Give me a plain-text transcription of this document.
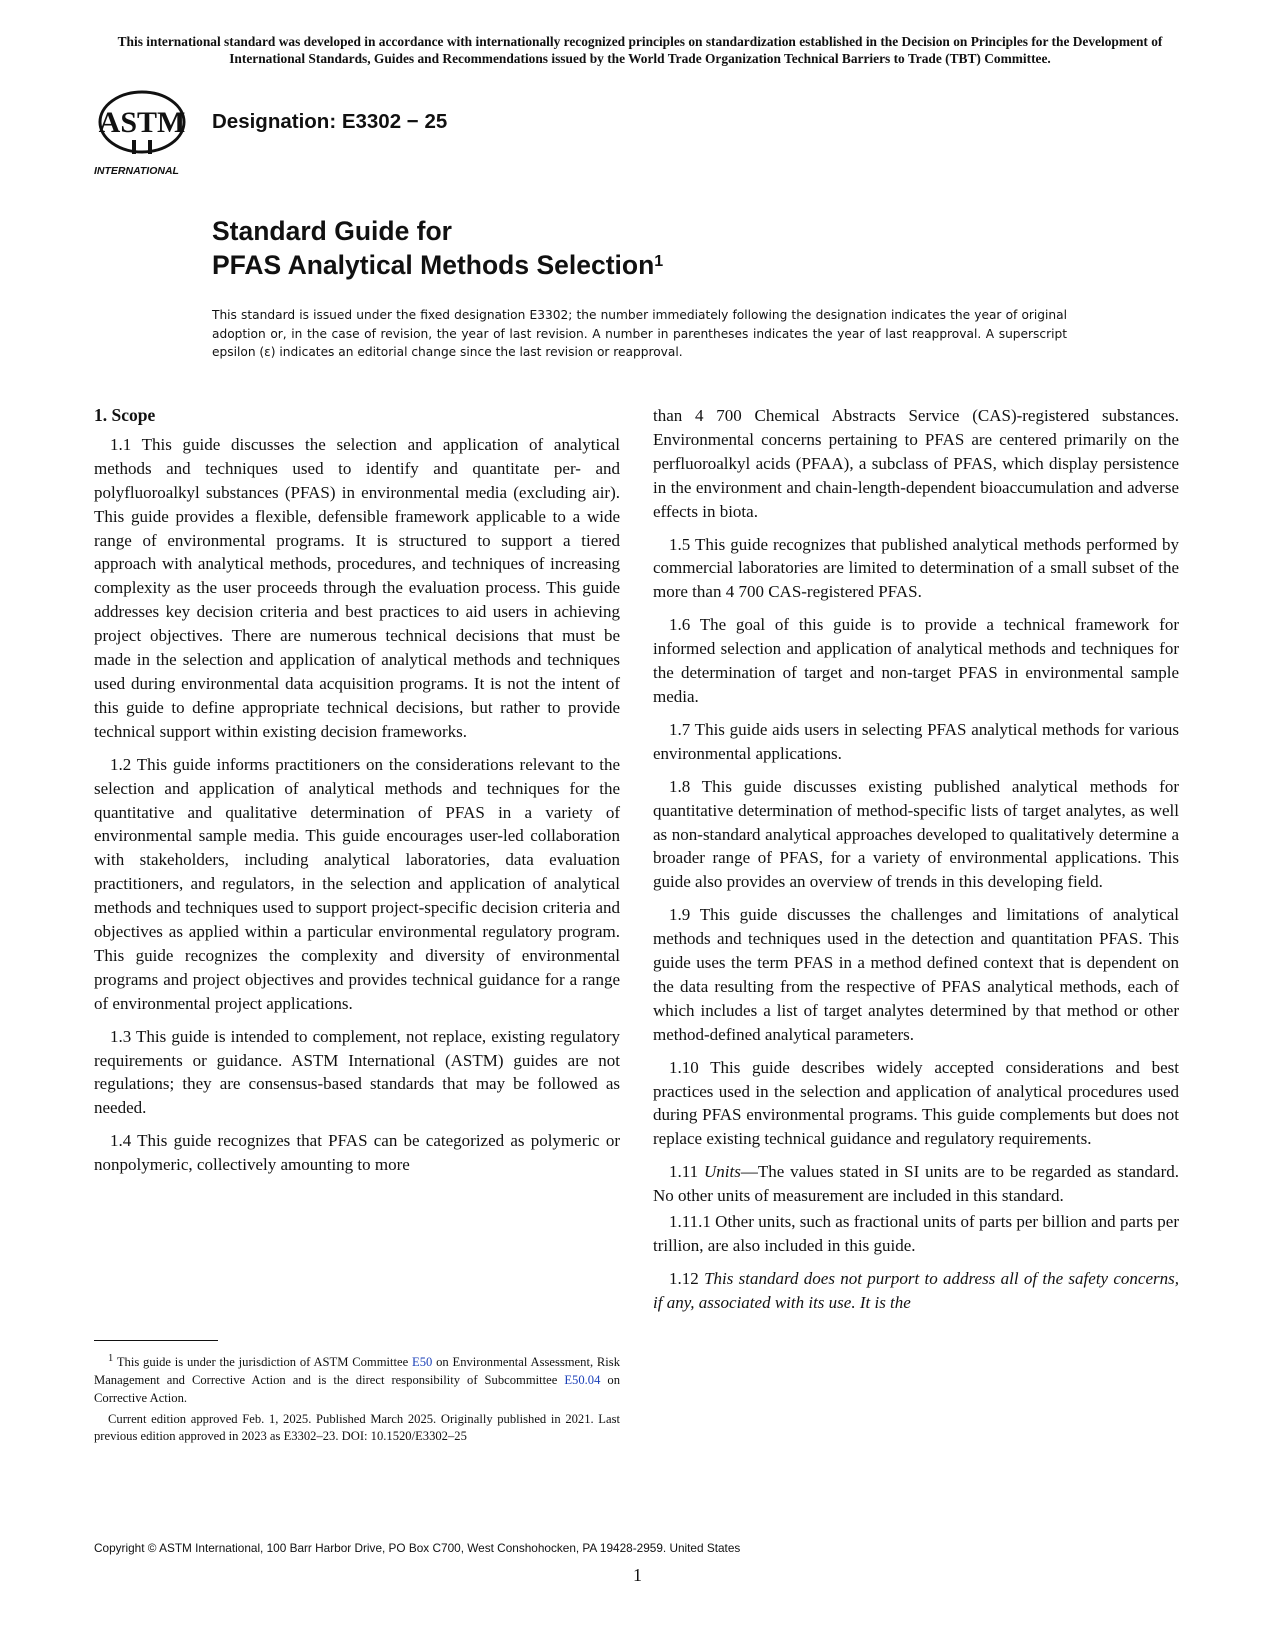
This international standard was developed in accordance with internationally recognized principles on standardization established in the Decision on Principles for the Development of International Standards, Guides and Recommendations issued by the World Trade Organization Technical Barriers to Trade (TBT) Committee.
ASTM
INTERNATIONAL
Designation: E3302 − 25
Standard Guide for
PFAS Analytical Methods Selection$^1$
This standard is issued under the fixed designation E3302; the number immediately following the designation indicates the year of original adoption or, in the case of revision, the year of last revision. A number in parentheses indicates the year of last reapproval. A superscript epsilon (ε) indicates an editorial change since the last revision or reapproval.
1. Scope

1.1 This guide discusses the selection and application of analytical methods and techniques used to identify and quantitate per- and polyfluoroalkyl substances (PFAS) in environmental media (excluding air). This guide provides a flexible, defensible framework applicable to a wide range of environmental programs. It is structured to support a tiered approach with analytical methods, procedures, and techniques of increasing complexity as the user proceeds through the evaluation process. This guide addresses key decision criteria and best practices to aid users in achieving project objectives. There are numerous technical decisions that must be made in the selection and application of analytical methods and techniques used during environmental data acquisition programs. It is not the intent of this guide to define appropriate technical decisions, but rather to provide technical support within existing decision frameworks.

1.2 This guide informs practitioners on the considerations relevant to the selection and application of analytical methods and techniques for the quantitative and qualitative determination of PFAS in a variety of environmental sample media. This guide encourages user-led collaboration with stakeholders, including analytical laboratories, data evaluation practitioners, and regulators, in the selection and application of analytical methods and techniques used to support project-specific decision criteria and objectives as applied within a particular environmental regulatory program. This guide recognizes the complexity and diversity of environmental programs and project objectives and provides technical guidance for a range of environmental project applications.

1.3 This guide is intended to complement, not replace, existing regulatory requirements or guidance. ASTM International (ASTM) guides are not regulations; they are consensus-based standards that may be followed as needed.

1.4 This guide recognizes that PFAS can be categorized as polymeric or nonpolymeric, collectively amounting to more

than 4 700 Chemical Abstracts Service (CAS)-registered substances. Environmental concerns pertaining to PFAS are centered primarily on the perfluoroalkyl acids (PFAA), a subclass of PFAS, which display persistence in the environment and chain-length-dependent bioaccumulation and adverse effects in biota.

1.5 This guide recognizes that published analytical methods performed by commercial laboratories are limited to determination of a small subset of the more than 4 700 CAS-registered PFAS.

1.6 The goal of this guide is to provide a technical framework for informed selection and application of analytical methods and techniques for the determination of target and non-target PFAS in environmental sample media.

1.7 This guide aids users in selecting PFAS analytical methods for various environmental applications.

1.8 This guide discusses existing published analytical methods for quantitative determination of method-specific lists of target analytes, as well as non-standard analytical approaches developed to qualitatively determine a broader range of PFAS, for a variety of environmental applications. This guide also provides an overview of trends in this developing field.

1.9 This guide discusses the challenges and limitations of analytical methods and techniques used in the detection and quantitation PFAS. This guide uses the term PFAS in a method defined context that is dependent on the data resulting from the respective of PFAS analytical methods, each of which includes a list of target analytes determined by that method or other method-defined analytical parameters.

1.10 This guide describes widely accepted considerations and best practices used in the selection and application of analytical procedures used during PFAS environmental programs. This guide complements but does not replace existing technical guidance and regulatory requirements.

1.11 Units—The values stated in SI units are to be regarded as standard. No other units of measurement are included in this standard.

1.11.1 Other units, such as fractional units of parts per billion and parts per trillion, are also included in this guide.

1.12 This standard does not purport to address all of the safety concerns, if any, associated with its use. It is the

$^1$ This guide is under the jurisdiction of ASTM Committee E50 on Environmental Assessment, Risk Management and Corrective Action and is the direct responsibility of Subcommittee E50.04 on Corrective Action.

Current edition approved Feb. 1, 2025. Published March 2025. Originally published in 2021. Last previous edition approved in 2023 as E3302–23. DOI: 10.1520/E3302–25

Copyright © ASTM International, 100 Barr Harbor Drive, PO Box C700, West Conshohocken, PA 19428-2959. United States
1
